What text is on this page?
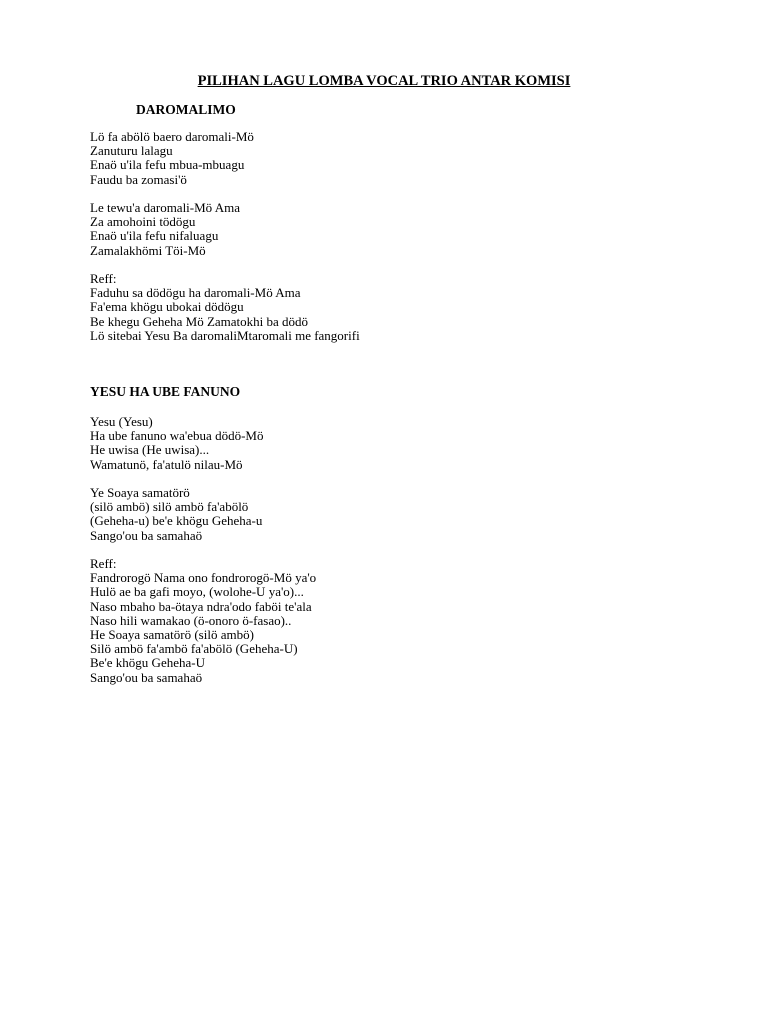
PILIHAN LAGU LOMBA VOCAL TRIO ANTAR KOMISI
DAROMALIMO
Lö fa abölö baero daromali-Mö
Zanuturu lalagu
Enaö u'ila fefu mbua-mbuagu
Faudu ba zomasi'ö
Le tewu'a daromali-Mö Ama
Za amohoini tödögu
Enaö u'ila fefu nifaluagu
Zamalakhömi Töi-Mö
Reff:
Faduhu sa dödögu ha daromali-Mö Ama
Fa'ema khögu ubokai dödögu
Be khegu Geheha Mö Zamatokhi ba dödö
Lö sitebai Yesu Ba daromaliMtaromali me fangorifi
YESU HA UBE FANUNO
Yesu (Yesu)
Ha ube fanuno wa'ebua dödö-Mö
He uwisa (He uwisa)...
Wamatunö, fa'atulö nilau-Mö
Ye Soaya samatörö
(silö ambö) silö ambö fa'abölö
(Geheha-u) be'e khögu Geheha-u
Sango'ou ba samahaö
Reff:
Fandrorogö Nama ono fondrorogö-Mö ya'o
Hulö ae ba gafi moyo, (wolohe-U ya'o)...
Naso mbaho ba-ötaya ndra'odo faböi te'ala
Naso hili wamakao (ö-onoro ö-fasao)..
He Soaya samatörö (silö ambö)
Silö ambö fa'ambö fa'abölö (Geheha-U)
Be'e khögu Geheha-U
Sango'ou ba samahaö
